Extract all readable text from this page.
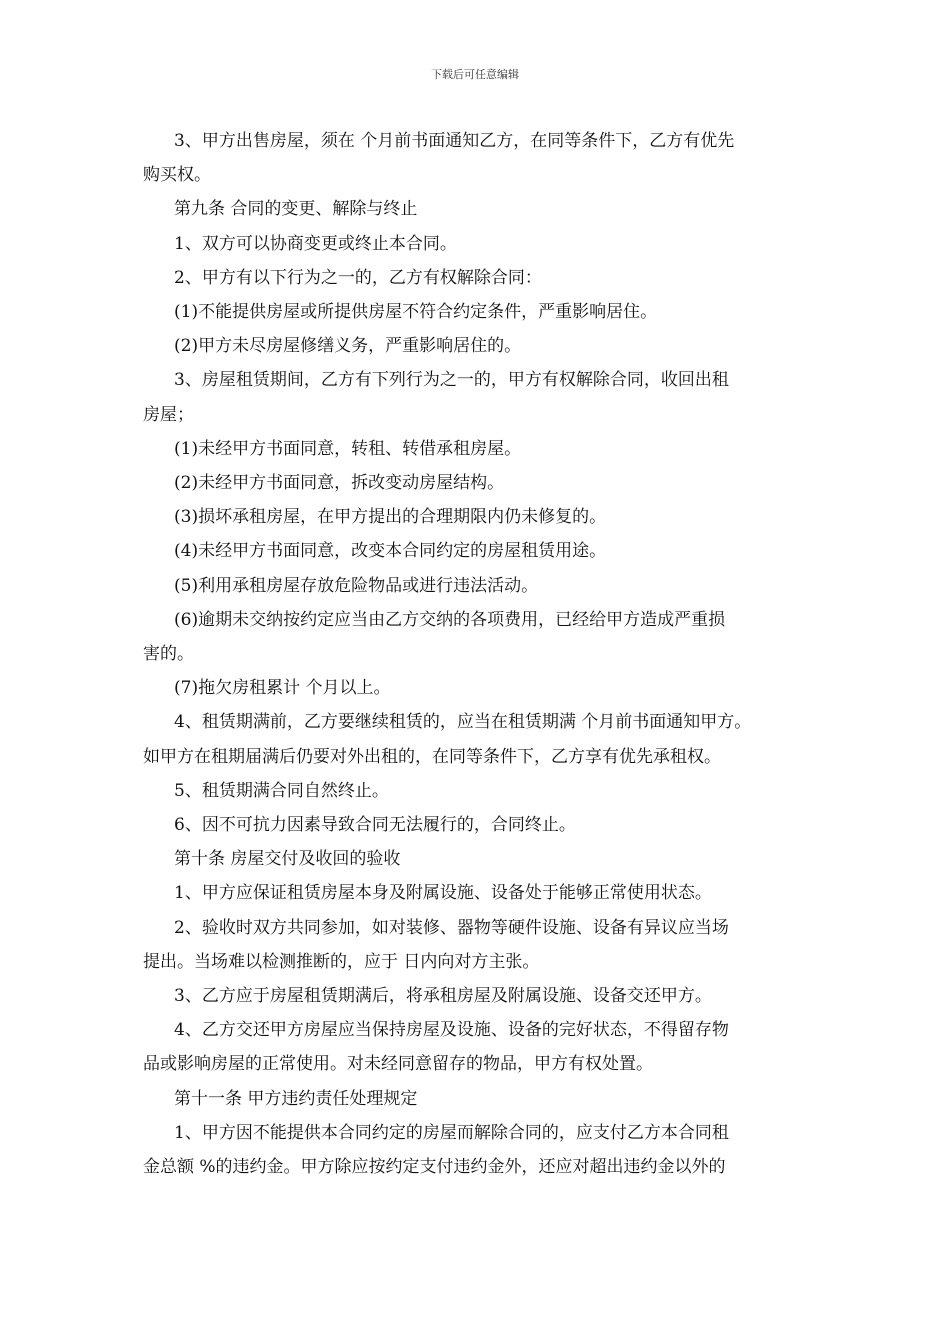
下载后可任意编辑
3、甲方出售房屋，须在 个月前书面通知乙方，在同等条件下，乙方有优先
购买权。
第九条 合同的变更、解除与终止
1、双方可以协商变更或终止本合同。
2、甲方有以下行为之一的，乙方有权解除合同：
(1)不能提供房屋或所提供房屋不符合约定条件，严重影响居住。
(2)甲方未尽房屋修缮义务，严重影响居住的。
3、房屋租赁期间，乙方有下列行为之一的，甲方有权解除合同，收回出租
房屋；
(1)未经甲方书面同意，转租、转借承租房屋。
(2)未经甲方书面同意，拆改变动房屋结构。
(3)损坏承租房屋，在甲方提出的合理期限内仍未修复的。
(4)未经甲方书面同意，改变本合同约定的房屋租赁用途。
(5)利用承租房屋存放危险物品或进行违法活动。
(6)逾期未交纳按约定应当由乙方交纳的各项费用，已经给甲方造成严重损
害的。
(7)拖欠房租累计 个月以上。
4、租赁期满前，乙方要继续租赁的，应当在租赁期满 个月前书面通知甲方。
如甲方在租期届满后仍要对外出租的，在同等条件下，乙方享有优先承租权。
5、租赁期满合同自然终止。
6、因不可抗力因素导致合同无法履行的，合同终止。
第十条 房屋交付及收回的验收
1、甲方应保证租赁房屋本身及附属设施、设备处于能够正常使用状态。
2、验收时双方共同参加，如对装修、器物等硬件设施、设备有异议应当场
提出。当场难以检测推断的，应于 日内向对方主张。
3、乙方应于房屋租赁期满后，将承租房屋及附属设施、设备交还甲方。
4、乙方交还甲方房屋应当保持房屋及设施、设备的完好状态，不得留存物
品或影响房屋的正常使用。对未经同意留存的物品，甲方有权处置。
第十一条 甲方违约责任处理规定
1、甲方因不能提供本合同约定的房屋而解除合同的，应支付乙方本合同租
金总额 %的违约金。甲方除应按约定支付违约金外，还应对超出违约金以外的
